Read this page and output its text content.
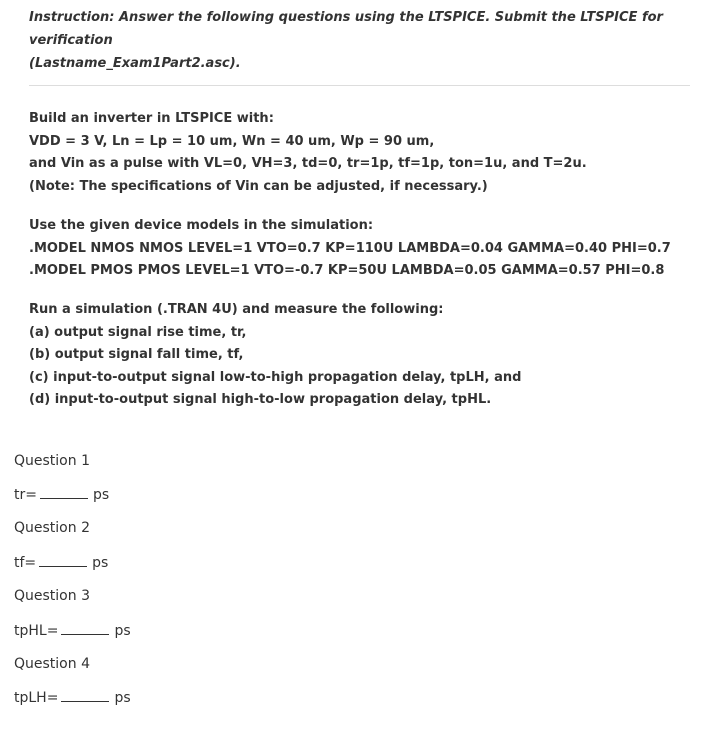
Instruction: Answer the following questions using the LTSPICE. Submit the LTSPICE for verification
(Lastname_Exam1Part2.asc).
Build an inverter in LTSPICE with:
VDD = 3 V, Ln = Lp = 10 um, Wn = 40 um, Wp = 90 um,
and Vin as a pulse with VL=0, VH=3, td=0, tr=1p, tf=1p, ton=1u, and T=2u.
(Note: The specifications of Vin can be adjusted, if necessary.)
Use the given device models in the simulation:
.MODEL NMOS NMOS LEVEL=1 VTO=0.7 KP=110U LAMBDA=0.04 GAMMA=0.40 PHI=0.7
.MODEL PMOS PMOS LEVEL=1 VTO=-0.7 KP=50U LAMBDA=0.05 GAMMA=0.57 PHI=0.8
Run a simulation (.TRAN 4U) and measure the following:
(a) output signal rise time, tr,
(b) output signal fall time, tf,
(c) input-to-output signal low-to-high propagation delay, tpLH, and
(d) input-to-output signal high-to-low propagation delay, tpHL.
Question 1
tr=	ps
Question 2
tf=	ps
Question 3
tpHL=	ps
Question 4
tpLH=	ps
